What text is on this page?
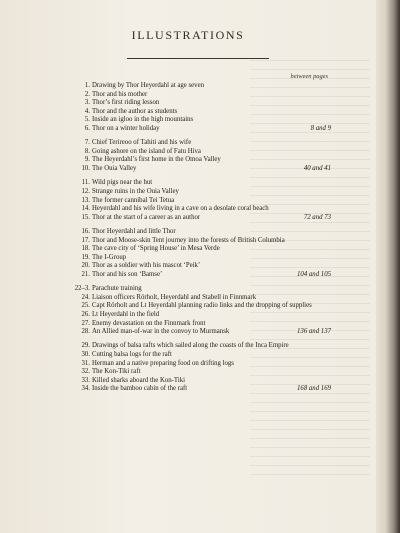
ILLUSTRATIONS
between pages
1. Drawing by Thor Heyerdahl at age seven
2. Thor and his mother
3. Thor’s first riding lesson
4. Thor and the author as students
5. Inside an igloo in the high mountains
6. Thor on a winter holiday	8 and 9
7. Chief Terireoo of Tahiti and his wife
8. Going ashore on the island of Fatu Hiva
9. The Heyerdahl’s first home in the Omoa Valley
10. The Ouia Valley	40 and 41
11. Wild pigs near the hut
12. Strange ruins in the Ouia Valley
13. The former cannibal Tei Tetua
14. Heyerdahl and his wife living in a cave on a desolate coral beach
15. Thor at the start of a career as an author	72 and 73
16. Thor Heyerdahl and little Thor
17. Thor and Moose-skin Tent journey into the forests of British Columbia
18. The cave city of ‘Spring House’ in Mesa Verde
19. The I-Group
20. Thor as a soldier with his mascot ‘Peik’
21. Thor and his son ‘Bamse’	104 and 105
22–3. Parachute training
24. Liaison officers Rörholt, Heyerdahl and Stabell in Finnmark
25. Capt Rörholt and Lt Heyerdahl planning radio links and the dropping of supplies
26. Lt Heyerdahl in the field
27. Enemy devastation on the Finnmark front
28. An Allied man-of-war in the convoy to Murmansk	136 and 137
29. Drawings of balsa rafts which sailed along the coasts of the Inca Empire
30. Cutting balsa logs for the raft
31. Herman and a native preparing food on drifting logs
32. The Kon-Tiki raft
33. Killed sharks aboard the Kon-Tiki
34. Inside the bamboo cabin of the raft	168 and 169
